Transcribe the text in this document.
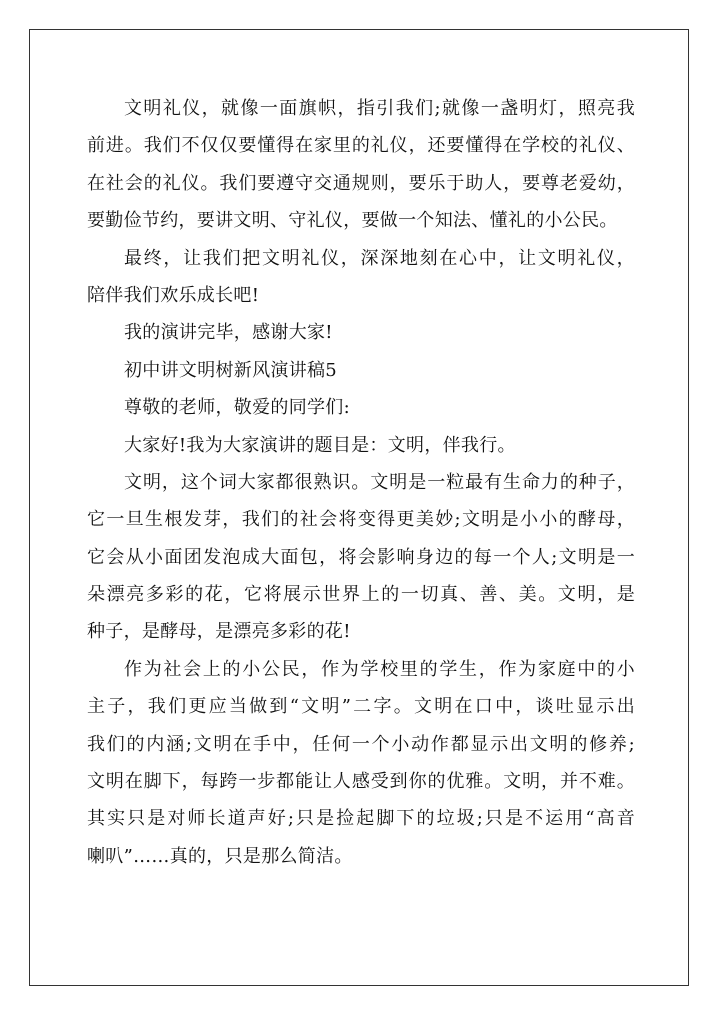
文明礼仪，就像一面旗帜，指引我们;就像一盏明灯，照亮我
前进。我们不仅仅要懂得在家里的礼仪，还要懂得在学校的礼仪、
在社会的礼仪。我们要遵守交通规则，要乐于助人，要尊老爱幼，
要勤俭节约，要讲文明、守礼仪，要做一个知法、懂礼的小公民。
最终，让我们把文明礼仪，深深地刻在心中，让文明礼仪，
陪伴我们欢乐成长吧!
我的演讲完毕，感谢大家!
初中讲文明树新风演讲稿5
尊敬的老师，敬爱的同学们:
大家好!我为大家演讲的题目是：文明，伴我行。
文明，这个词大家都很熟识。文明是一粒最有生命力的种子，
它一旦生根发芽，我们的社会将变得更美妙;文明是小小的酵母，
它会从小面团发泡成大面包，将会影响身边的每一个人;文明是一
朵漂亮多彩的花，它将展示世界上的一切真、善、美。文明，是
种子，是酵母，是漂亮多彩的花!
作为社会上的小公民，作为学校里的学生，作为家庭中的小
主子，我们更应当做到“文明”二字。文明在口中，谈吐显示出
我们的内涵;文明在手中，任何一个小动作都显示出文明的修养;
文明在脚下，每跨一步都能让人感受到你的优雅。文明，并不难。
其实只是对师长道声好;只是捡起脚下的垃圾;只是不运用“高音
喇叭”……真的，只是那么简洁。
